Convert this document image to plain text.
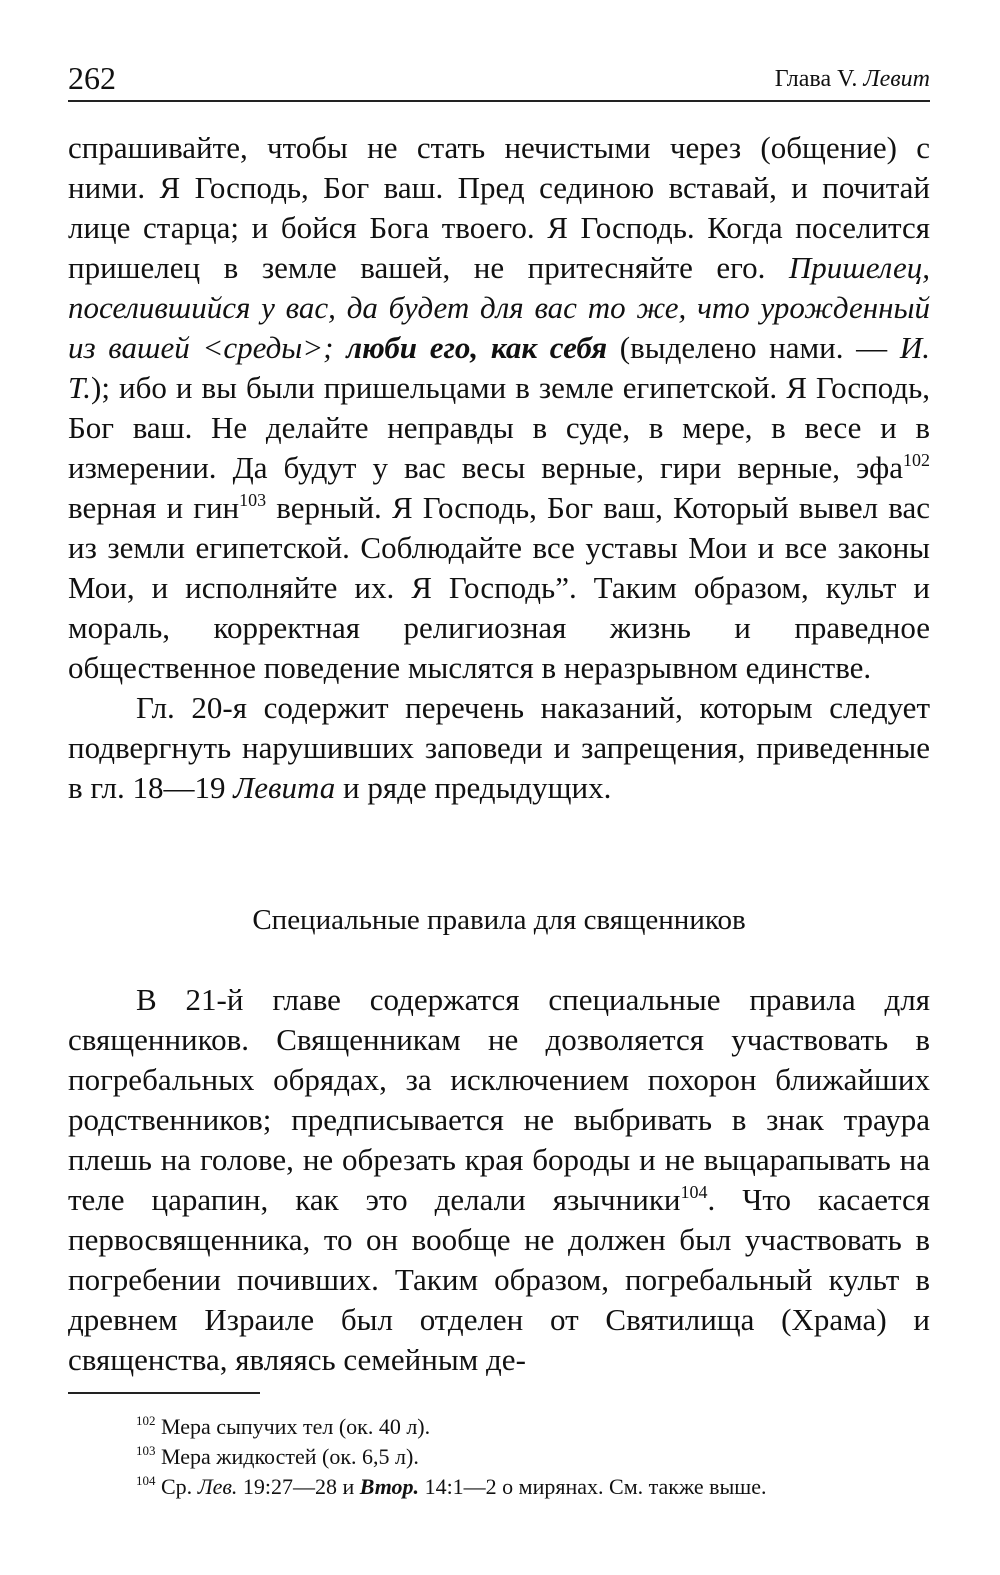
262	Глава V. Левит

спрашивайте, чтобы не стать нечистыми через (общение) с ними. Я Господь, Бог ваш. Пред сединою вставай, и почитай лице старца; и бойся Бога твоего. Я Господь. Когда поселится пришелец в земле вашей, не притесняйте его. Пришелец, поселившийся у вас, да будет для вас то же, что урожденный из вашей <среды>; люби его, как себя (выделено нами. — И. Т.); ибо и вы были пришельцами в земле египетской. Я Господь, Бог ваш. Не делайте неправды в суде, в мере, в весе и в измерении. Да будут у вас весы верные, гири верные, эфа$^{102}$ верная и гин$^{103}$ верный. Я Господь, Бог ваш, Который вывел вас из земли египетской. Соблюдайте все уставы Мои и все законы Мои, и исполняйте их. Я Господь”. Таким образом, культ и мораль, корректная религиозная жизнь и праведное общественное поведение мыслятся в неразрывном единстве.

Гл. 20-я содержит перечень наказаний, которым следует подвергнуть нарушивших заповеди и запрещения, приведенные в гл. 18—19 Левита и ряде предыдущих.

Специальные правила для священников

В 21-й главе содержатся специальные правила для священников. Священникам не дозволяется участвовать в погребальных обрядах, за исключением похорон ближайших родственников; предписывается не выбривать в знак траура плешь на голове, не обрезать края бороды и не выцарапывать на теле царапин, как это делали язычники$^{104}$. Что касается первосвященника, то он вообще не должен был участвовать в погребении почивших. Таким образом, погребальный культ в древнем Израиле был отделен от Святилища (Храма) и священства, являясь семейным де-

$^{102}$ Мера сыпучих тел (ок. 40 л).
$^{103}$ Мера жидкостей (ок. 6,5 л).
$^{104}$ Ср. Лев. 19:27—28 и Втор. 14:1—2 о мирянах. См. также выше.
